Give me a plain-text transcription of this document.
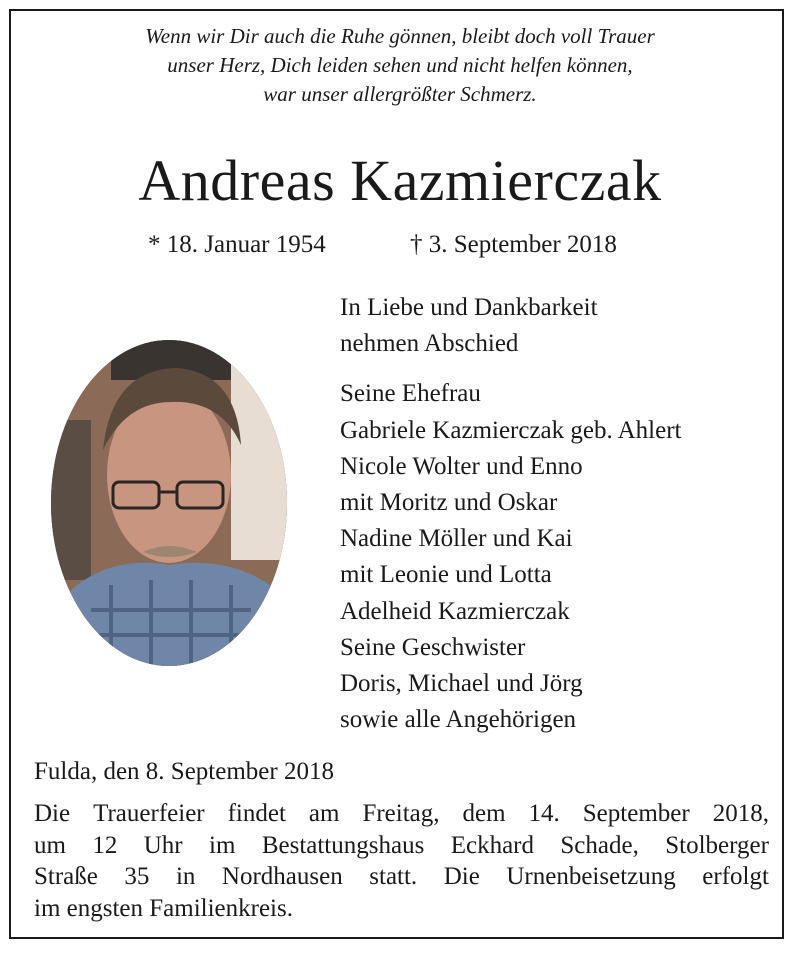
Wenn wir Dir auch die Ruhe gönnen, bleibt doch voll Trauer
unser Herz, Dich leiden sehen und nicht helfen können,
war unser allergrößter Schmerz.
Andreas Kazmierczak
* 18. Januar 1954	† 3. September 2018
In Liebe und Dankbarkeit
nehmen Abschied
Seine Ehefrau
Gabriele Kazmierczak geb. Ahlert
Nicole Wolter und Enno
mit Moritz und Oskar
Nadine Möller und Kai
mit Leonie und Lotta
Adelheid Kazmierczak
Seine Geschwister
Doris, Michael und Jörg
sowie alle Angehörigen
Fulda, den 8. September 2018
Die Trauerfeier findet am Freitag, dem 14. September 2018,
um 12 Uhr im Bestattungshaus Eckhard Schade, Stolberger
Straße 35 in Nordhausen statt. Die Urnenbeisetzung erfolgt
im engsten Familienkreis.
